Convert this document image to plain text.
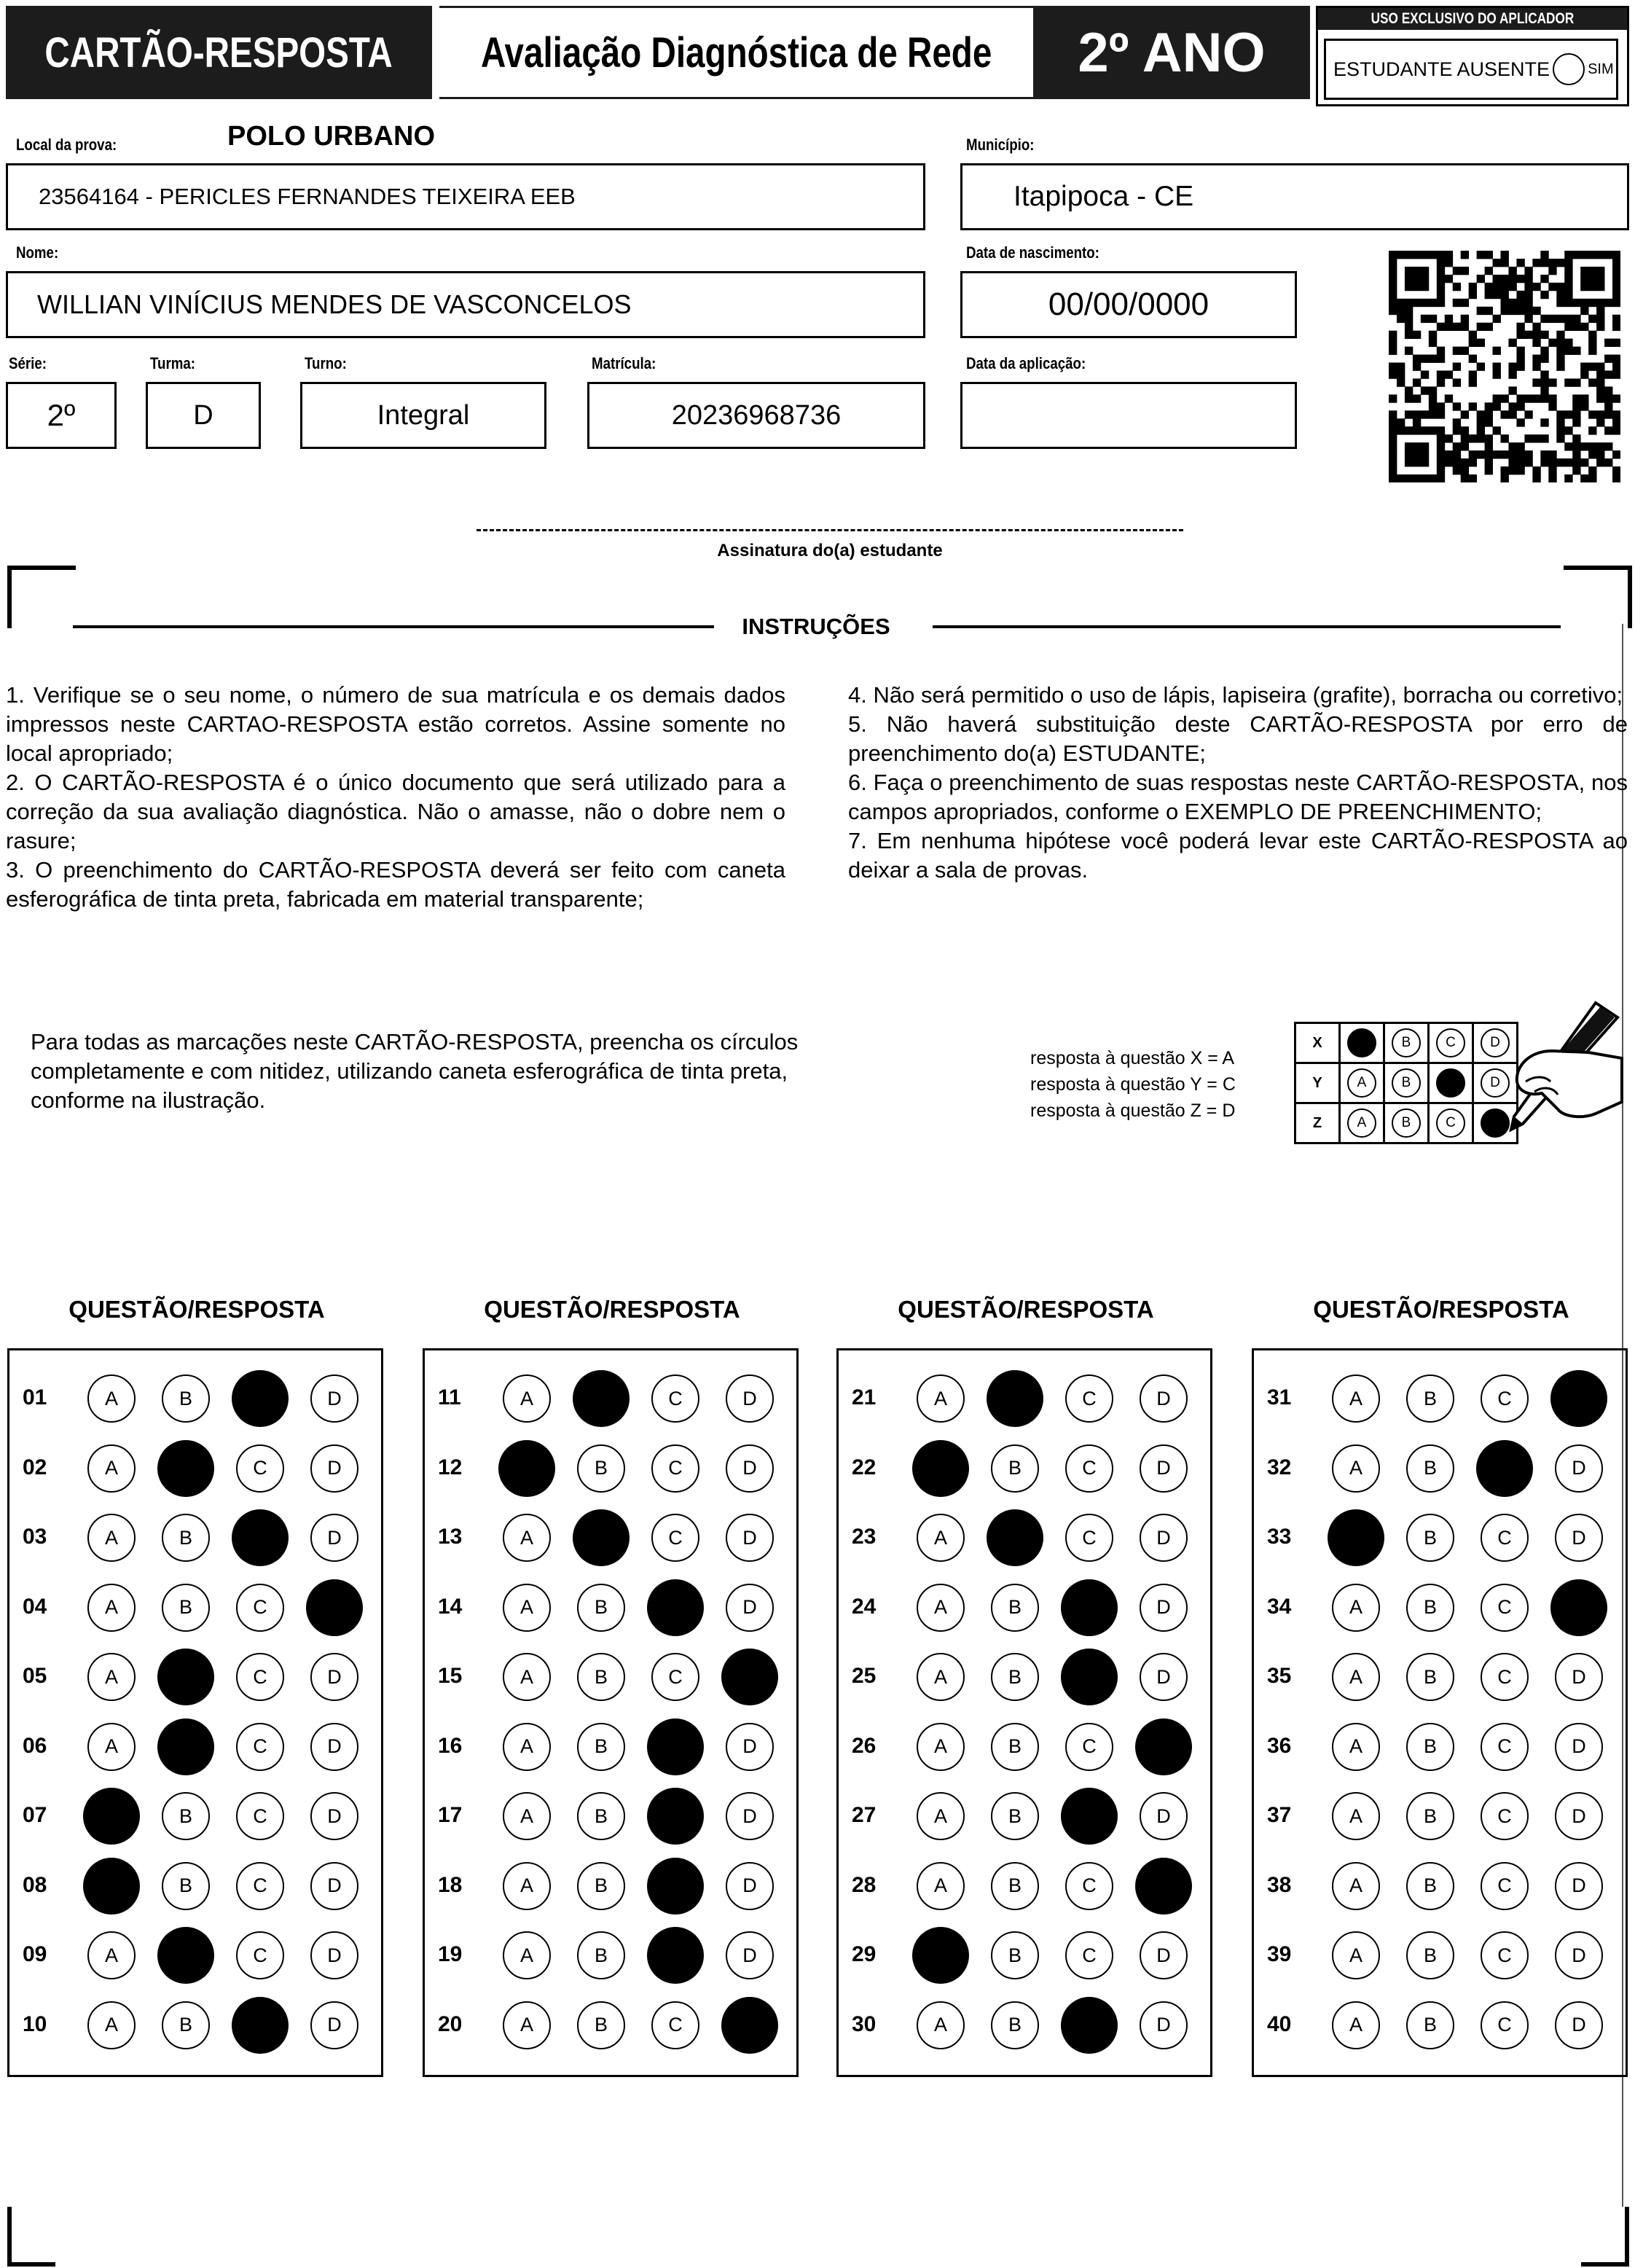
CARTÃO-RESPOSTA Avaliação Diagnóstica de Rede 2º ANO
USO EXCLUSIVO DO APLICADOR
ESTUDANTE AUSENTE	SIM
Local da prova:	POLO URBANO
23564164 - PERICLES FERNANDES TEIXEIRA EEB
Município:
Itapipoca - CE
Nome:
WILLIAN VINÍCIUS MENDES DE VASCONCELOS
Data de nascimento:
00/00/0000
Série:
2º
Turma:
D
Turno:
Integral
Matrícula:
20236968736
Data da aplicação:
Assinatura do(a) estudante
INSTRUÇÕES

1. Verifique se o seu nome, o número de sua matrícula e os demais dados impressos neste CARTAO-RESPOSTA estão corretos. Assine somente no local apropriado;

2. O CARTÃO-RESPOSTA é o único documento que será utilizado para a correção da sua avaliação diagnóstica. Não o amasse, não o dobre nem o rasure;

3. O preenchimento do CARTÃO-RESPOSTA deverá ser feito com caneta esferográfica de tinta preta, fabricada em material transparente;

4. Não será permitido o uso de lápis, lapiseira (grafite), borracha ou corretivo;

5. Não haverá substituição deste CARTÃO-RESPOSTA por erro de preenchimento do(a) ESTUDANTE;

6. Faça o preenchimento de suas respostas neste CARTÃO-RESPOSTA, nos campos apropriados, conforme o EXEMPLO DE PREENCHIMENTO;

7. Em nenhuma hipótese você poderá levar este CARTÃO-RESPOSTA ao deixar a sala de provas.

Para todas as marcações neste CARTÃO-RESPOSTA, preencha os círculos completamente e com nitidez, utilizando caneta esferográfica de tinta preta, conforme na ilustração.
resposta à questão X = A
resposta à questão Y = C
resposta à questão Z = D
X		B	C	D
Y	A	B		D
Z	A	B	C	
QUESTÃO/RESPOSTA	QUESTÃO/RESPOSTA	QUESTÃO/RESPOSTA	QUESTÃO/RESPOSTA
01	A	B	C	D
02	A	B	C	D
03	A	B	C	D
04	A	B	C	D
05	A	B	C	D
06	A	B	C	D
07	A	B	C	D
08	A	B	C	D
09	A	B	C	D
10	A	B	C	D
11	A	B	C	D
12	A	B	C	D
13	A	B	C	D
14	A	B	C	D
15	A	B	C	D
16	A	B	C	D
17	A	B	C	D
18	A	B	C	D
19	A	B	C	D
20	A	B	C	D
21	A	B	C	D
22	A	B	C	D
23	A	B	C	D
24	A	B	C	D
25	A	B	C	D
26	A	B	C	D
27	A	B	C	D
28	A	B	C	D
29	A	B	C	D
30	A	B	C	D
31	A	B	C	D
32	A	B	C	D
33	A	B	C	D
34	A	B	C	D
35	A	B	C	D
36	A	B	C	D
37	A	B	C	D
38	A	B	C	D
39	A	B	C	D
40	A	B	C	D
